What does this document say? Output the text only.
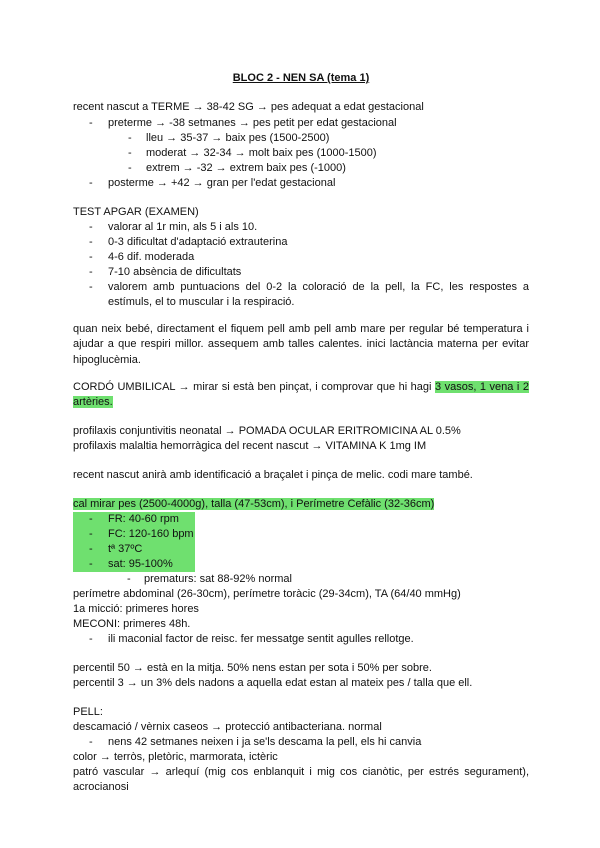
BLOC 2 - NEN SA (tema 1)
recent nascut a TERME → 38-42 SG → pes adequat a edat gestacional
- preterme → -38 setmanes → pes petit per edat gestacional
- lleu → 35-37 → baix pes (1500-2500)
- moderat → 32-34 → molt baix pes (1000-1500)
- extrem → -32 → extrem baix pes (-1000)
- posterme → +42 → gran per l'edat gestacional
TEST APGAR (EXAMEN)
- valorar al 1r min, als 5 i als 10.
- 0-3 dificultat d'adaptació extrauterina
- 4-6 dif. moderada
- 7-10 absència de dificultats
- valorem amb puntuacions del 0-2 la coloració de la pell, la FC, les respostes a estímuls, el to muscular i la respiració.
quan neix bebé, directament el fiquem pell amb pell amb mare per regular bé temperatura i ajudar a que respiri millor. assequem amb talles calentes. inici lactància materna per evitar hipoglucèmia.
CORDÓ UMBILICAL → mirar si està ben pinçat, i comprovar que hi hagi 3 vasos, 1 vena i 2 artèries.
profilaxis conjuntivitis neonatal → POMADA OCULAR ERITROMICINA AL 0.5%
profilaxis malaltia hemorràgica del recent nascut → VITAMINA K 1mg IM
recent nascut anirà amb identificació a braçalet i pinça de melic. codi mare també.
cal mirar pes (2500-4000g), talla (47-53cm), i Perímetre Cefàlic (32-36cm)
- FR: 40-60 rpm
- FC: 120-160 bpm
- tª 37ºC
- sat: 95-100%
- prematurs: sat 88-92% normal
perímetre abdominal (26-30cm), perímetre toràcic (29-34cm), TA (64/40 mmHg)
1a micció: primeres hores
MECONI: primeres 48h.
- ili maconial factor de reisc. fer messatge sentit agulles rellotge.
percentil 50 → està en la mitja. 50% nens estan per sota i 50% per sobre.
percentil 3 → un 3% dels nadons a aquella edat estan al mateix pes / talla que ell.
PELL:
descamació / vèrnix caseos → protecció antibacteriana. normal
- nens 42 setmanes neixen i ja se'ls descama la pell, els hi canvia
color → terròs, pletòric, marmorata, ictèric
patró vascular → arlequí (mig cos enblanquit i mig cos cianòtic, per estrés segurament), acrocianosi
